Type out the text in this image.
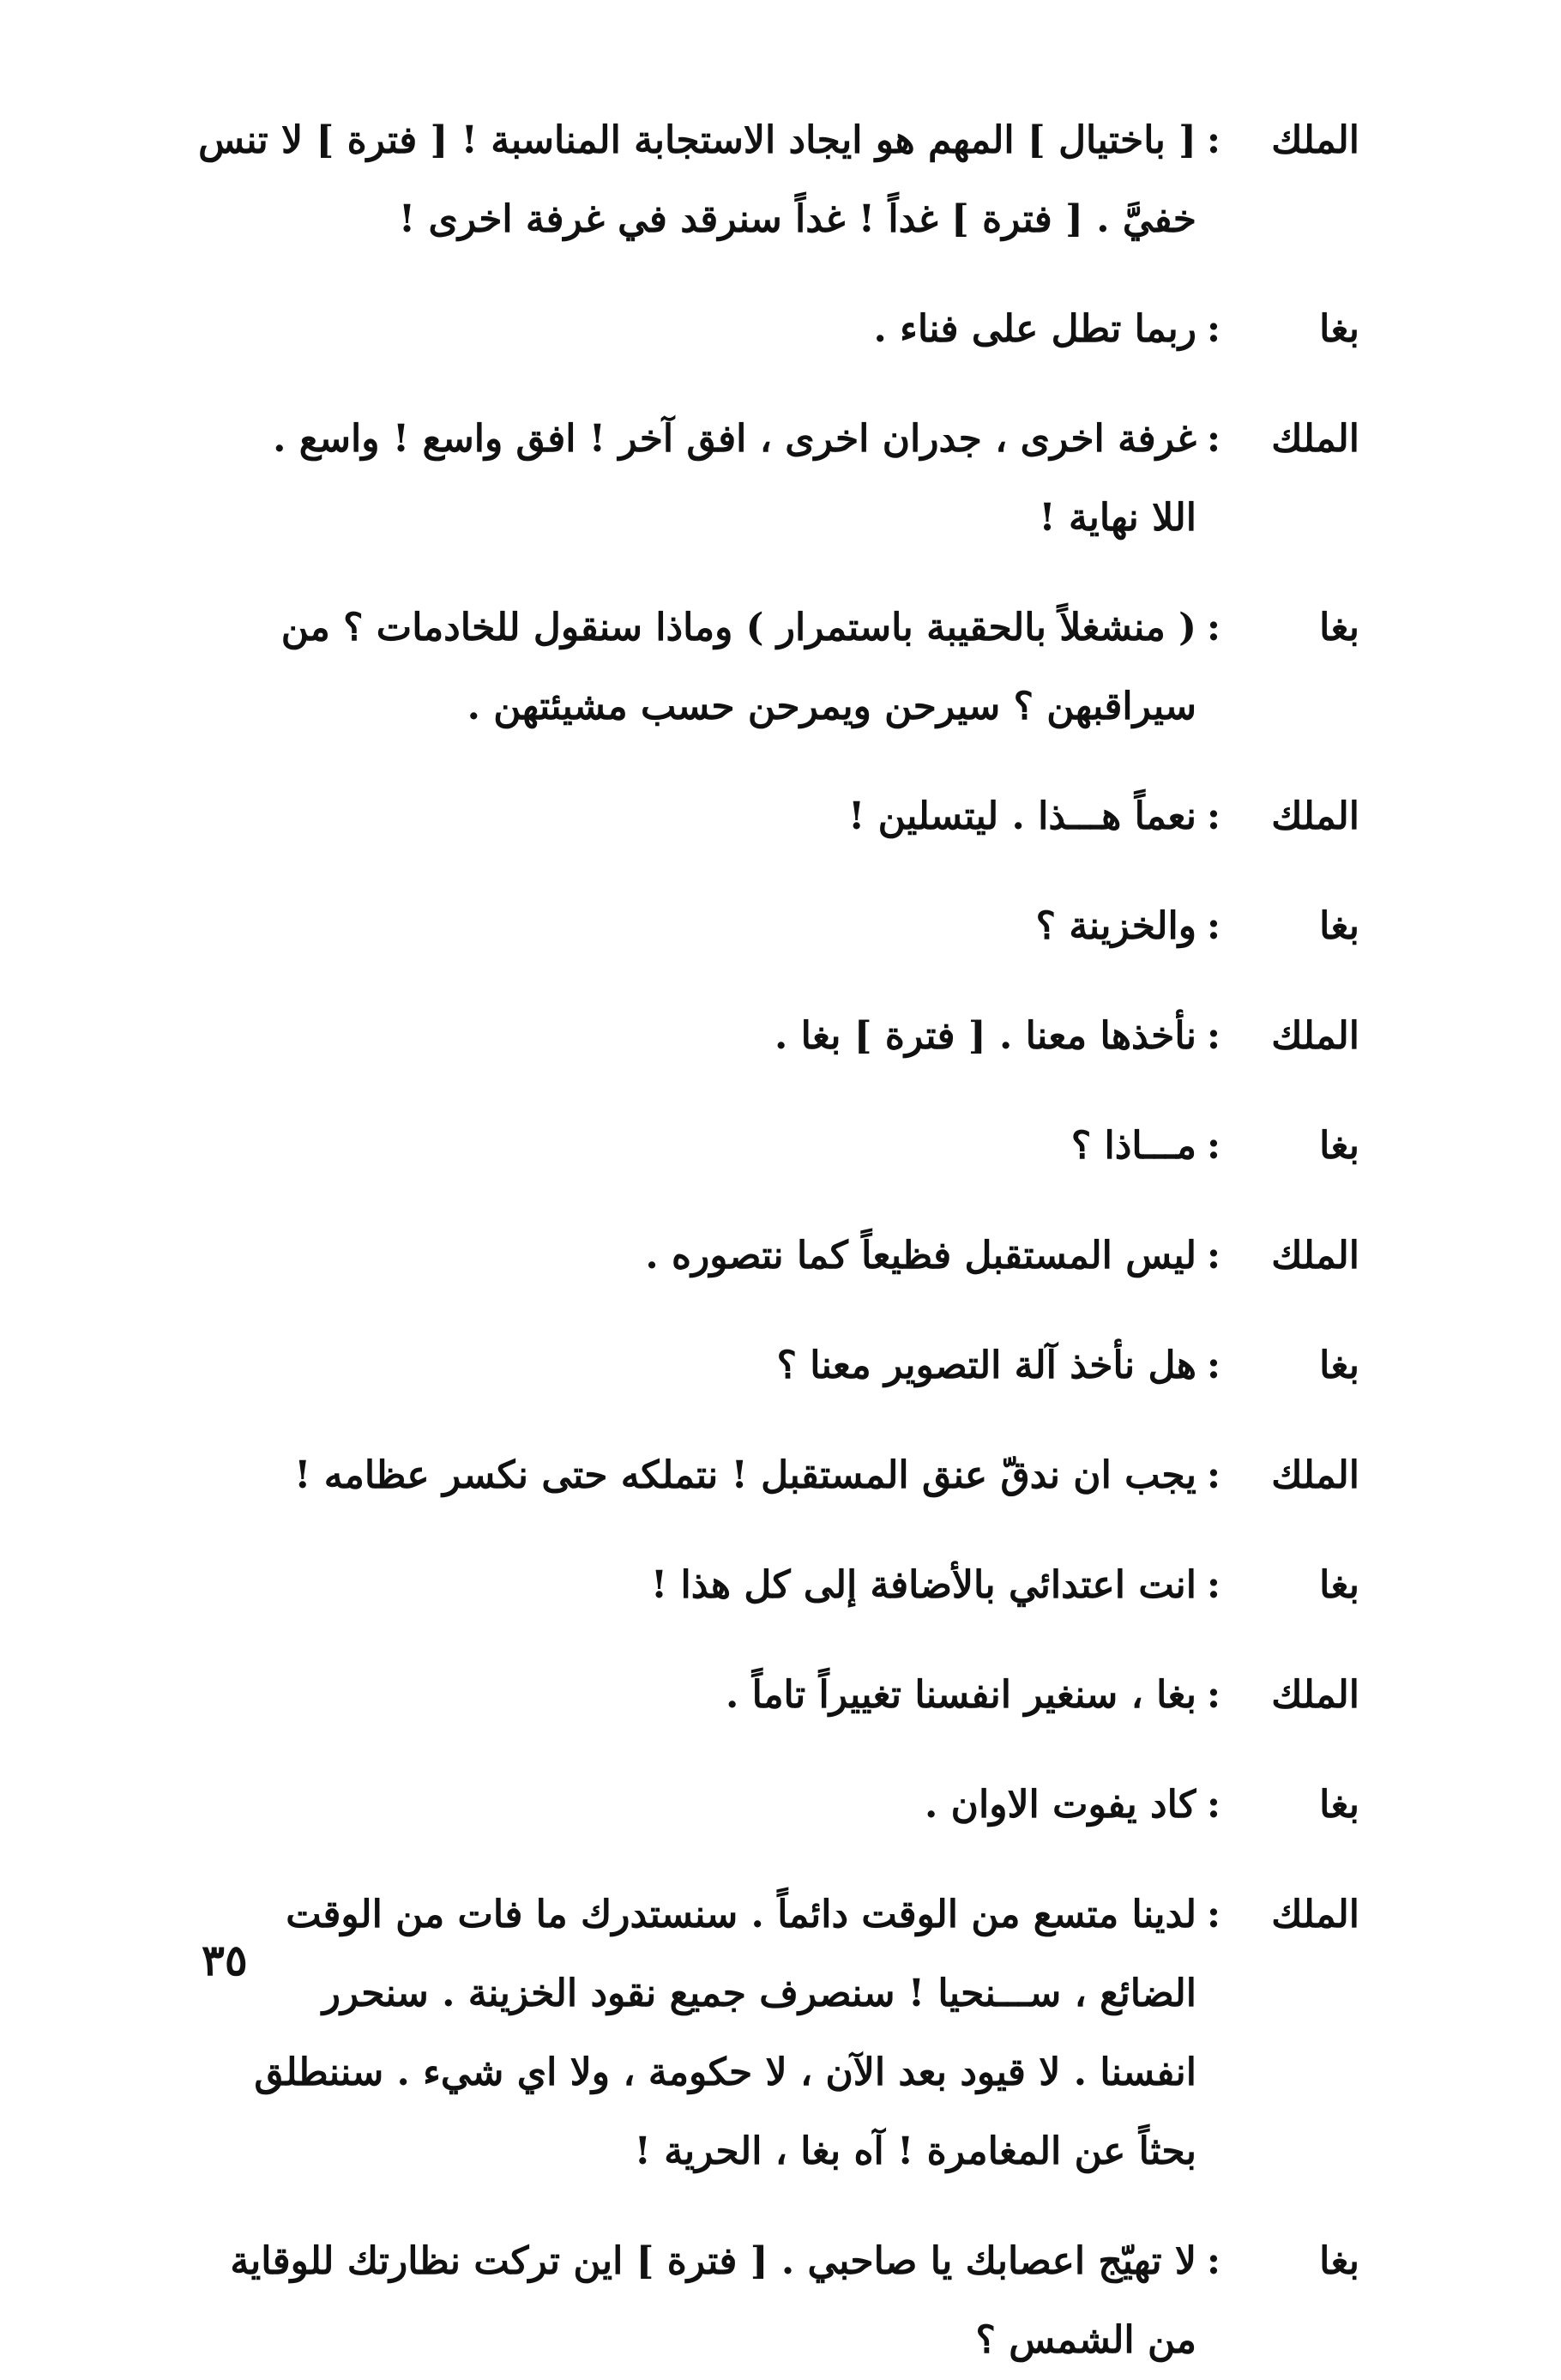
الملك
:
[ باختيال ] المهم هو ايجاد الاستجابة المناسبة ! [ فترة ] لا تنس
ُخفيَّ . [ فترة ] غداً ! غداً سنرقد في غرفة اخرى !
بغا
:
ربما تطل على فناء .
الملك
:
غرفة اخرى ، جدران اخرى ، افق آخر ! افق واسع ! واسع .
اللا نهاية !
بغا
:
( منشغلاً بالحقيبة باستمرار ) وماذا سنقول للخادمات ؟ من
سيراقبهن ؟ سيرحن ويمرحن حسب مشيئتهن .
الملك
:
نعماً هـــذا . ليتسلين !
بغا
:
والخزينة ؟
الملك
:
نأخذها معنا . [ فترة ] بغا .
بغا
:
مـــاذا ؟
الملك
:
ليس المستقبل فظيعاً كما نتصوره .
بغا
:
هل نأخذ آلة التصوير معنا ؟
الملك
:
يجب ان ندقّ عنق المستقبل ! نتملكه حتى نكسر عظامه !
بغا
:
انت اعتدائي بالأضافة إلى كل هذا !
الملك
:
بغا ، سنغير انفسنا تغييراً تاماً .
بغا
:
كاد يفوت الاوان .
الملك
:
لدينا متسع من الوقت دائماً . سنستدرك ما فات من الوقت
الضائع ، ســـنحيا ! سنصرف جميع نقود الخزينة . سنحرر
انفسنا . لا قيود بعد الآن ، لا حكومة ، ولا اي شيء . سننطلق
بحثاً عن المغامرة ! آه بغا ، الحرية !
بغا
:
لا تهيّج اعصابك يا صاحبي . [ فترة ] اين تركت نظارتك للوقاية
من الشمس ؟
٣٥
